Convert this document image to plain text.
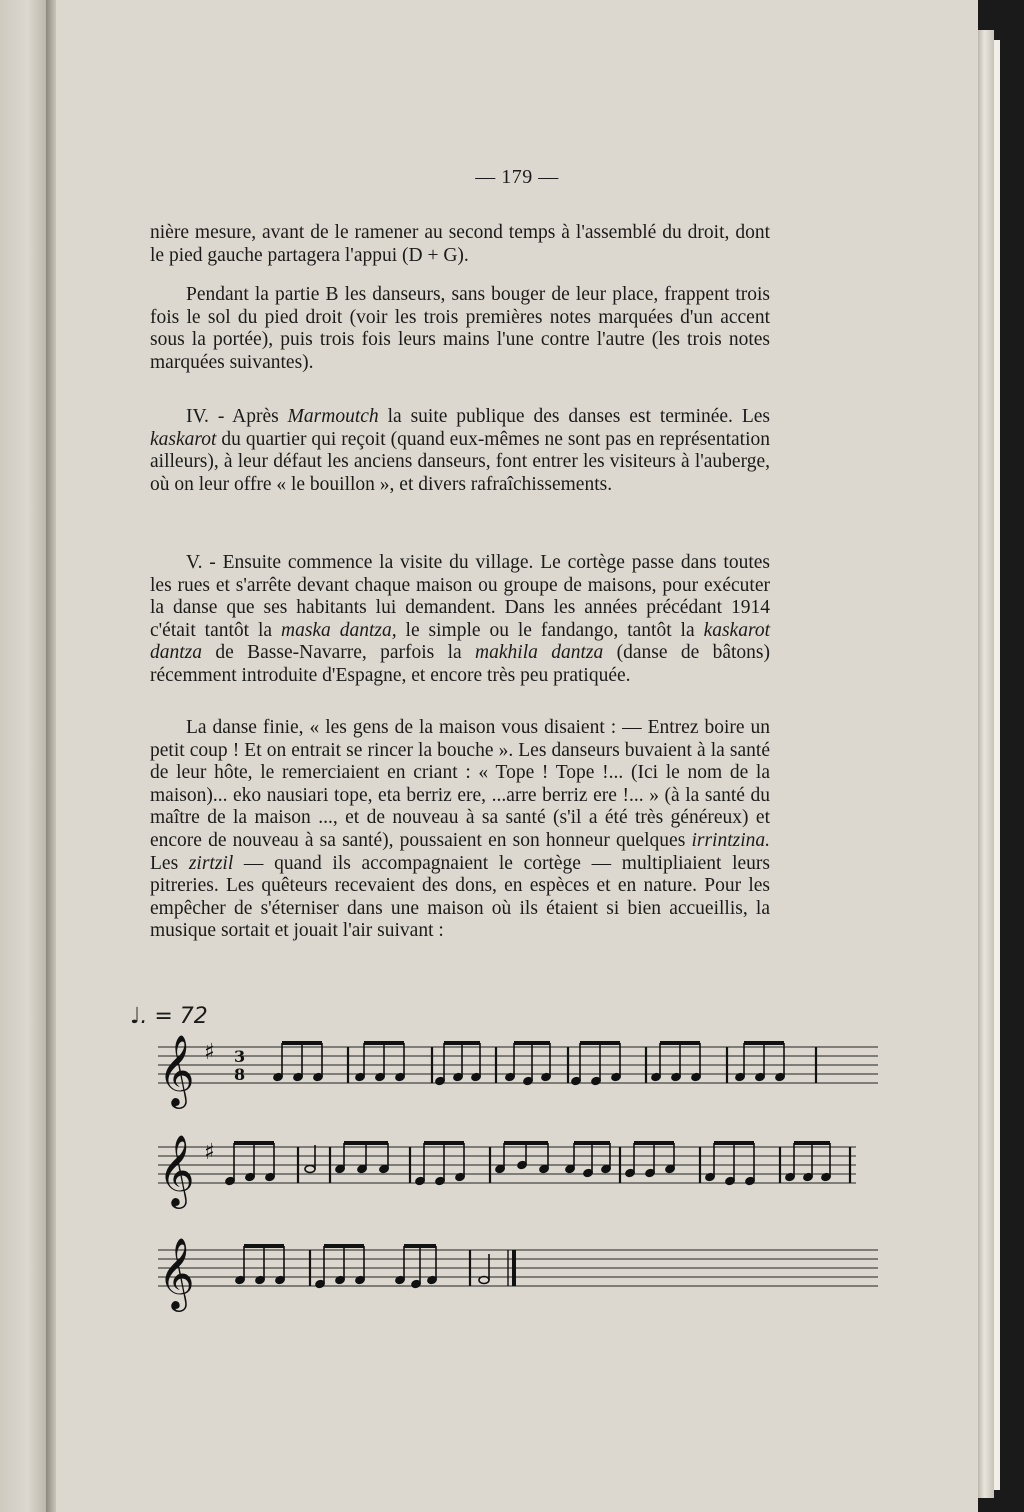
— 179 —

nière mesure, avant de le ramener au second temps à l'assemblé du droit, dont le pied gauche partagera l'appui (D + G).

Pendant la partie B les danseurs, sans bouger de leur place, frappent trois fois le sol du pied droit (voir les trois premières notes marquées d'un accent sous la portée), puis trois fois leurs mains l'une contre l'autre (les trois notes marquées suivantes).

IV. - Après Marmoutch la suite publique des danses est terminée. Les kaskarot du quartier qui reçoit (quand eux-mêmes ne sont pas en représentation ailleurs), à leur défaut les anciens danseurs, font entrer les visiteurs à l'auberge, où on leur offre « le bouillon », et divers rafraîchissements.

V. - Ensuite commence la visite du village. Le cortège passe dans toutes les rues et s'arrête devant chaque maison ou groupe de maisons, pour exécuter la danse que ses habitants lui demandent. Dans les années précédant 1914 c'était tantôt la maska dantza, le simple ou le fandango, tantôt la kaskarot dantza de Basse-Navarre, parfois la makhila dantza (danse de bâtons) récemment introduite d'Espagne, et encore très peu pratiquée.

La danse finie, « les gens de la maison vous disaient : — Entrez boire un petit coup ! Et on entrait se rincer la bouche ». Les danseurs buvaient à la santé de leur hôte, le remerciaient en criant : « Tope ! Tope !... (Ici le nom de la maison)... eko nausiari tope, eta berriz ere, ...arre berriz ere !... » (à la santé du maître de la maison ..., et de nouveau à sa santé (s'il a été très généreux) et encore de nouveau à sa santé), poussaient en son honneur quelques irrintzina. Les zirtzil — quand ils accompagnaient le cortège — multipliaient leurs pitreries. Les quêteurs recevaient des dons, en espèces et en nature. Pour les empêcher de s'éterniser dans une maison où ils étaient si bien accueillis, la musique sortait et jouait l'air suivant :

♩. = 72
𝄞 ♯
𝄞 ♯
𝄞
3
8
